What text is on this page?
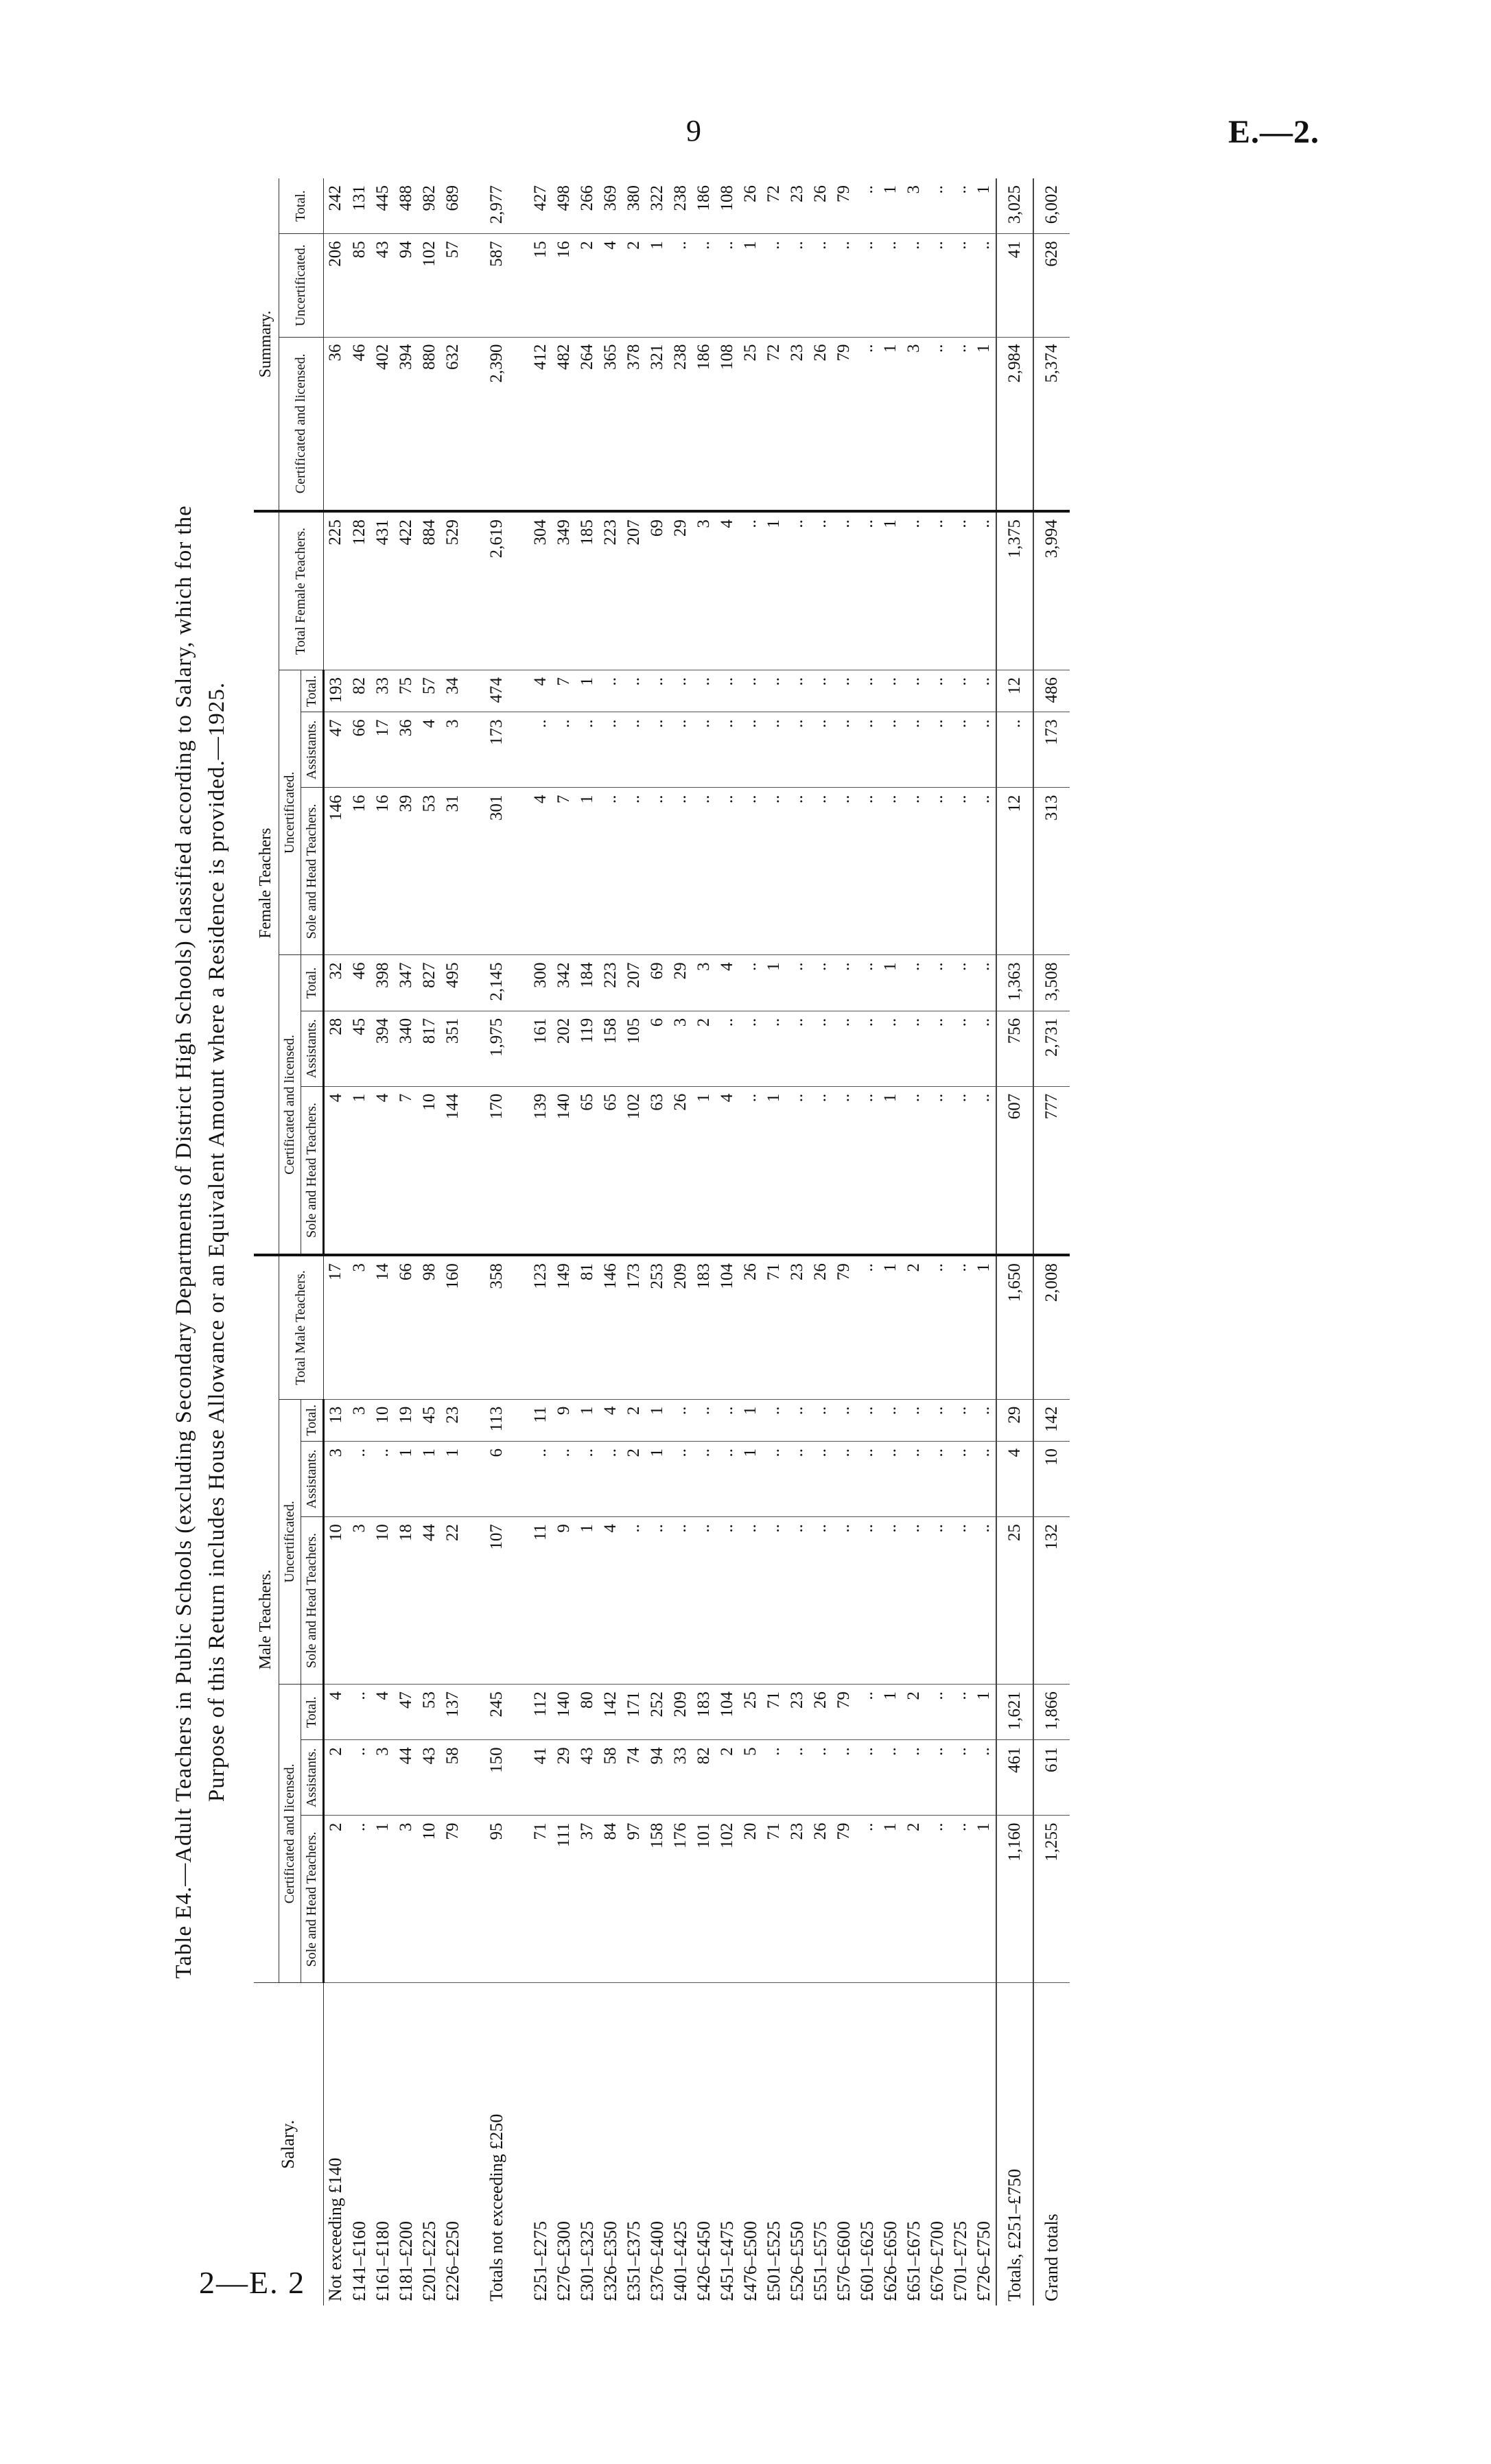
9	E.—2.
2—E. 2
Table E4.—Adult Teachers in Public Schools (excluding Secondary Departments of District High Schools) classified according to Salary, which for the Purpose of this Return includes House Allowance or an Equivalent Amount where a Residence is provided.—1925.
Salary.	Male Teachers.							Female Teachers							Summary.		
	Certificated and licensed.			Uncertificated.			Total Male Teachers.	Certificated and licensed.			Uncertificated.			Total Female Teachers.	Certificated and licensed.	Uncertificated.	Total.
	Sole and Head Teachers.	Assistants.	Total.	Sole and Head Teachers.	Assistants.	Total.		Sole and Head Teachers.	Assistants.	Total.	Sole and Head Teachers.	Assistants.	Total.				
Not exceeding £140	2	2	4	10	3	13	17	4	28	32	146	47	193	225	36	206	242
£141–£160	..	..	..	3	..	3	3	1	45	46	16	66	82	128	46	85	131
£161–£180	1	3	4	10	..	10	14	4	394	398	16	17	33	431	402	43	445
£181–£200	3	44	47	18	1	19	66	7	340	347	39	36	75	422	394	94	488
£201–£225	10	43	53	44	1	45	98	10	817	827	53	4	57	884	880	102	982
£226–£250	79	58	137	22	1	23	160	144	351	495	31	3	34	529	632	57	689

Totals not exceeding £250	95	150	245	107	6	113	358	170	1,975	2,145	301	173	474	2,619	2,390	587	2,977

£251–£275	71	41	112	11	..	11	123	139	161	300	4	..	4	304	412	15	427
£276–£300	111	29	140	9	..	9	149	140	202	342	7	..	7	349	482	16	498
£301–£325	37	43	80	1	..	1	81	65	119	184	1	..	1	185	264	2	266
£326–£350	84	58	142	4	..	4	146	65	158	223	..	..	..	223	365	4	369
£351–£375	97	74	171	..	2	2	173	102	105	207	..	..	..	207	378	2	380
£376–£400	158	94	252	..	1	1	253	63	6	69	..	..	..	69	321	1	322
£401–£425	176	33	209	..	..	..	209	26	3	29	..	..	..	29	238	..	238
£426–£450	101	82	183	..	..	..	183	1	2	3	..	..	..	3	186	..	186
£451–£475	102	2	104	..	..	..	104	4	..	4	..	..	..	4	108	..	108
£476–£500	20	5	25	..	1	1	26	..	..	..	..	..	..	..	25	1	26
£501–£525	71	..	71	..	..	..	71	1	..	1	..	..	..	1	72	..	72
£526–£550	23	..	23	..	..	..	23	..	..	..	..	..	..	..	23	..	23
£551–£575	26	..	26	..	..	..	26	..	..	..	..	..	..	..	26	..	26
£576–£600	79	..	79	..	..	..	79	..	..	..	..	..	..	..	79	..	79
£601–£625	..	..	..	..	..	..	..	..	..	..	..	..	..	..	..	..	..
£626–£650	1	..	1	..	..	..	1	1	..	1	..	..	..	1	1	..	1
£651–£675	2	..	2	..	..	..	2	..	..	..	..	..	..	..	3	..	3
£676–£700	..	..	..	..	..	..	..	..	..	..	..	..	..	..	..	..	..
£701–£725	..	..	..	..	..	..	..	..	..	..	..	..	..	..	..	..	..
£726–£750	1	..	1	..	..	..	1	..	..	..	..	..	..	..	1	..	1
Totals, £251–£750	1,160	461	1,621	25	4	29	1,650	607	756	1,363	12	..	12	1,375	2,984	41	3,025
Grand totals	1,255	611	1,866	132	10	142	2,008	777	2,731	3,508	313	173	486	3,994	5,374	628	6,002
